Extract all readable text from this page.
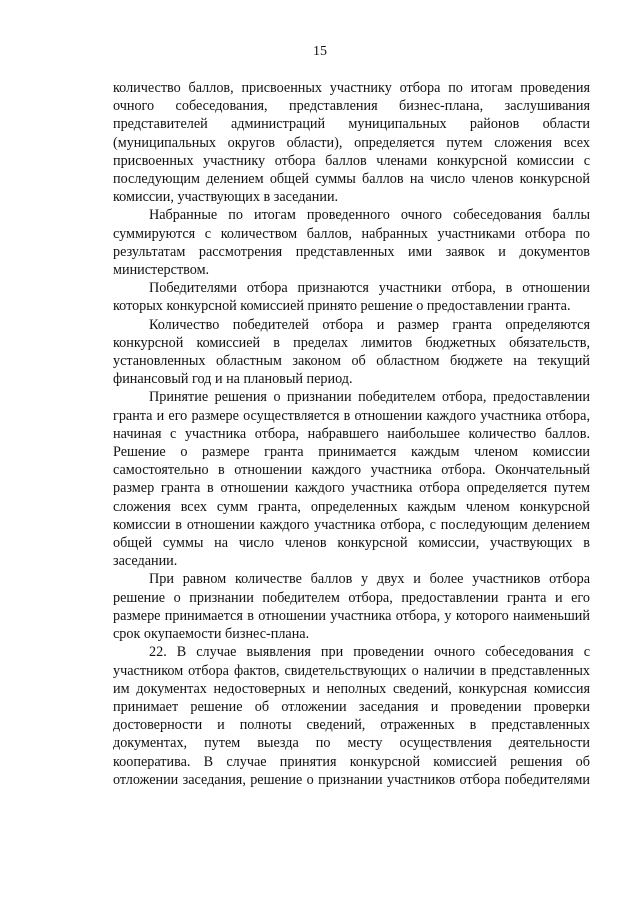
15

количество баллов, присвоенных участнику отбора по итогам проведения очного собеседования, представления бизнес-плана, заслушивания представителей администраций муниципальных районов области (муниципальных округов области), определяется путем сложения всех присвоенных участнику отбора баллов членами конкурсной комиссии с последующим делением общей суммы баллов на число членов конкурсной комиссии, участвующих в заседании.

Набранные по итогам проведенного очного собеседования баллы суммируются с количеством баллов, набранных участниками отбора по результатам рассмотрения представленных ими заявок и документов министерством.

Победителями отбора признаются участники отбора, в отношении которых конкурсной комиссией принято решение о предоставлении гранта.

Количество победителей отбора и размер гранта определяются конкурсной комиссией в пределах лимитов бюджетных обязательств, установленных областным законом об областном бюджете на текущий финансовый год и на плановый период.

Принятие решения о признании победителем отбора, предоставлении гранта и его размере осуществляется в отношении каждого участника отбора, начиная с участника отбора, набравшего наибольшее количество баллов. Решение о размере гранта принимается каждым членом комиссии самостоятельно в отношении каждого участника отбора. Окончательный размер гранта в отношении каждого участника отбора определяется путем сложения всех сумм гранта, определенных каждым членом конкурсной комиссии в отношении каждого участника отбора, с последующим делением общей суммы на число членов конкурсной комиссии, участвующих в заседании.

При равном количестве баллов у двух и более участников отбора решение о признании победителем отбора, предоставлении гранта и его размере принимается в отношении участника отбора, у которого наименьший срок окупаемости бизнес-плана.

22. В случае выявления при проведении очного собеседования с участником отбора фактов, свидетельствующих о наличии в представленных им документах недостоверных и неполных сведений, конкурсная комиссия принимает решение об отложении заседания и проведении проверки достоверности и полноты сведений, отраженных в представленных документах, путем выезда по месту осуществления деятельности кооператива. В случае принятия конкурсной комиссией решения об отложении заседания, решение о признании участников отбора победителями
